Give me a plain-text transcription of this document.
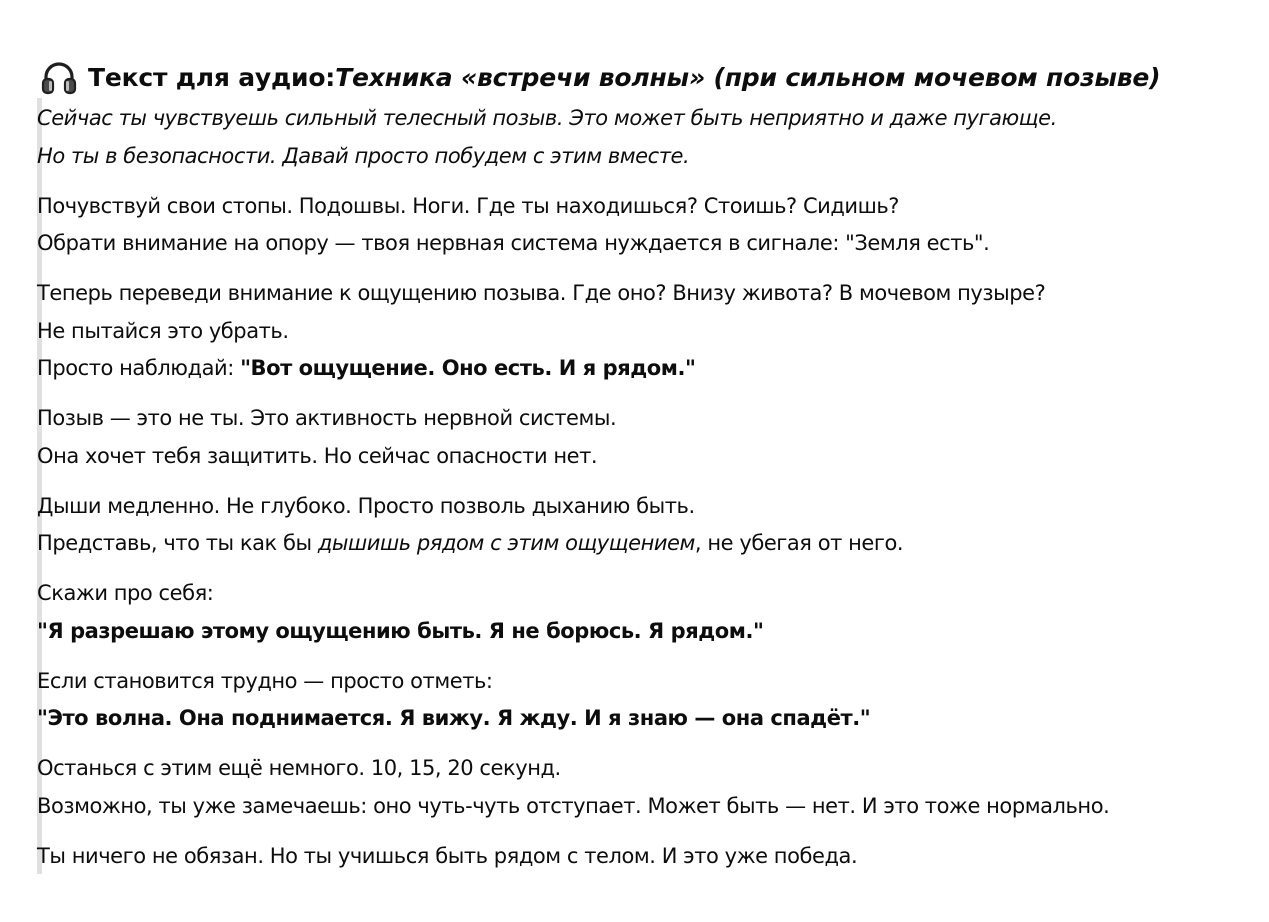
Текст для аудио: Техника «встречи волны» (при сильном мочевом позыве)

Сейчас ты чувствуешь сильный телесный позыв. Это может быть неприятно и даже пугающе.
Но ты в безопасности. Давай просто побудем с этим вместе.

Почувствуй свои стопы. Подошвы. Ноги. Где ты находишься? Стоишь? Сидишь?
Обрати внимание на опору — твоя нервная система нуждается в сигнале: "Земля есть".

Теперь переведи внимание к ощущению позыва. Где оно? Внизу живота? В мочевом пузыре?
Не пытайся это убрать.
Просто наблюдай: "Вот ощущение. Оно есть. И я рядом."

Позыв — это не ты. Это активность нервной системы.
Она хочет тебя защитить. Но сейчас опасности нет.

Дыши медленно. Не глубоко. Просто позволь дыханию быть.
Представь, что ты как бы дышишь рядом с этим ощущением, не убегая от него.

Скажи про себя:
"Я разрешаю этому ощущению быть. Я не борюсь. Я рядом."

Если становится трудно — просто отметь:
"Это волна. Она поднимается. Я вижу. Я жду. И я знаю — она спадёт."

Останься с этим ещё немного. 10, 15, 20 секунд.
Возможно, ты уже замечаешь: оно чуть-чуть отступает. Может быть — нет. И это тоже нормально.

Ты ничего не обязан. Но ты учишься быть рядом с телом. И это уже победа.
